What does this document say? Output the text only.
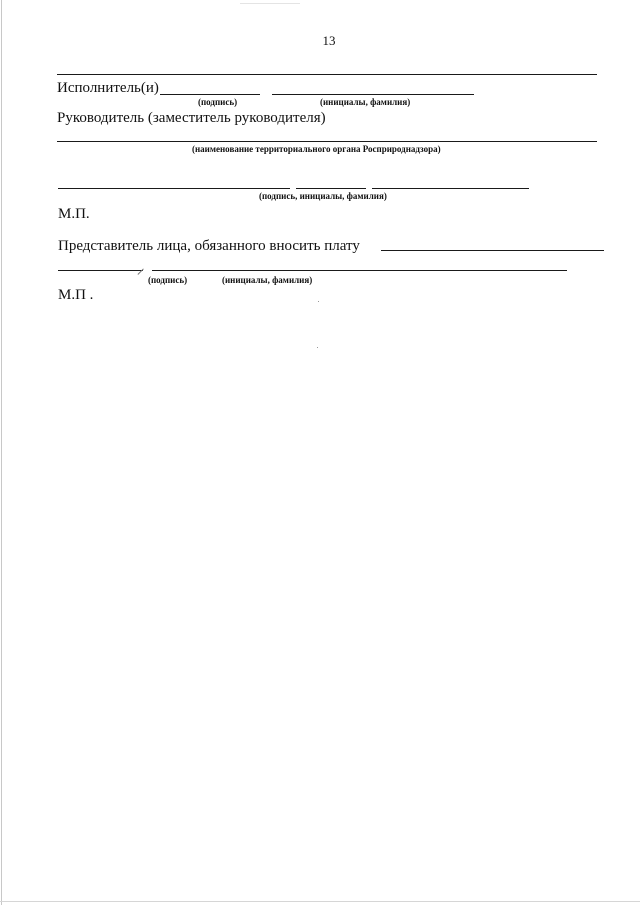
13
Исполнитель(и)
(подпись)	(инициалы, фамилия)
Руководитель (заместитель руководителя)
(наименование территориального органа Росприроднадзора)
(подпись, инициалы, фамилия)
М.П.
Представитель лица, обязанного вносить плату
(подпись)	(инициалы, фамилия)
М.П .
